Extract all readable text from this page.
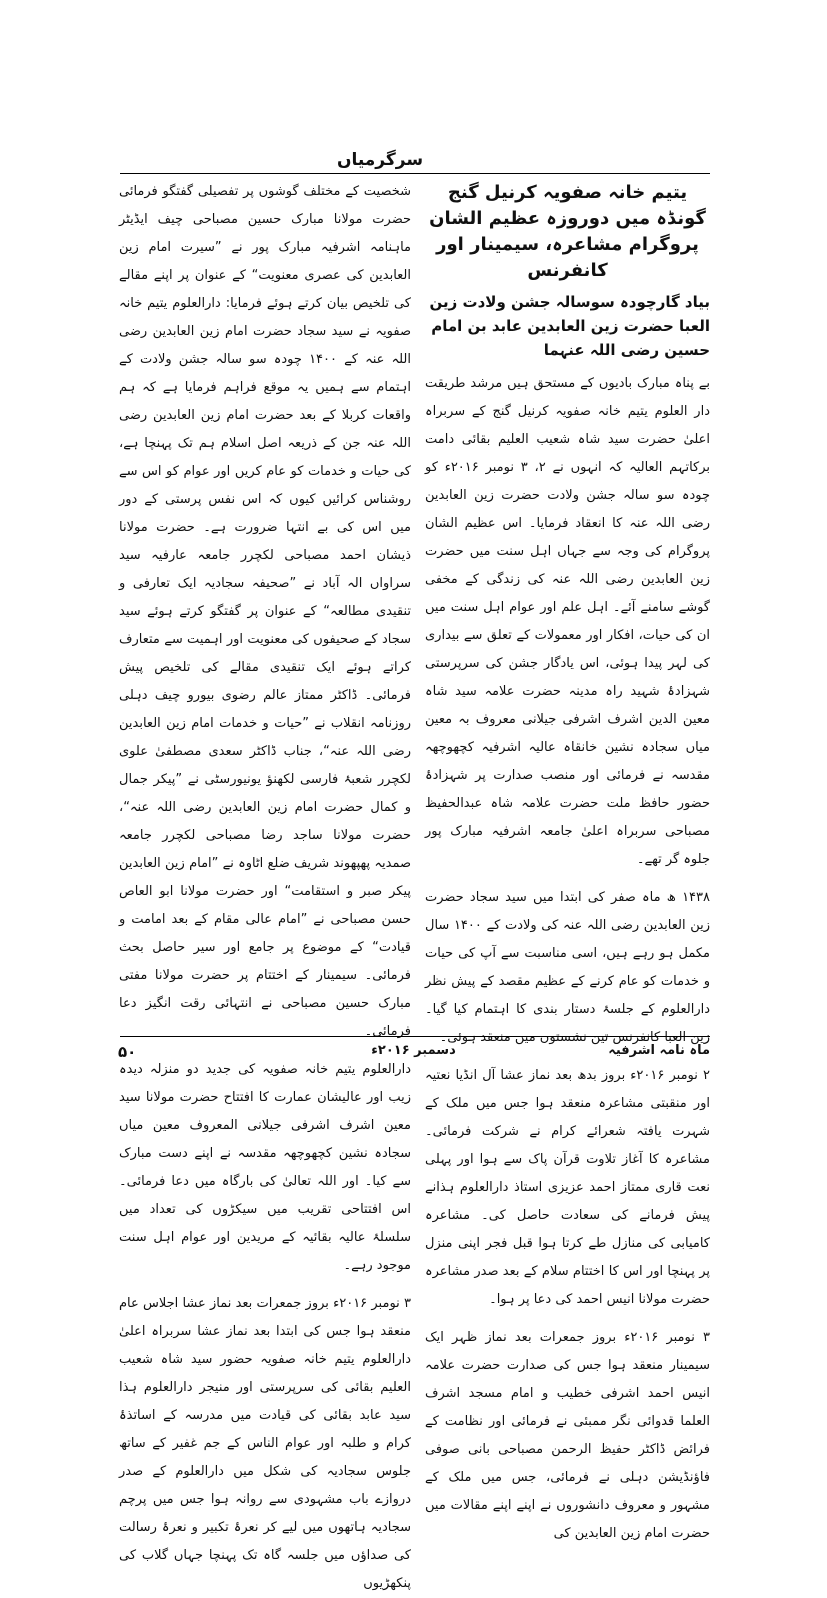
سرگرمیاں
یتیم خانہ صفویہ کرنیل گنج گونڈہ میں دوروزہ عظیم الشان پروگرام مشاعرہ، سیمینار اور کانفرنس
بیاد گارچودہ سوسالہ جشن ولادت زین العبا حضرت زین العابدین عابد بن امام حسین رضی اللہ عنہما

بے پناہ مبارک بادیوں کے مستحق ہیں مرشد طریقت دار العلوم یتیم خانہ صفویہ کرنیل گنج کے سربراہ اعلیٰ حضرت سید شاہ شعیب العلیم بقائی دامت برکاتہم العالیہ کہ انہوں نے ۲، ۳ نومبر ۲۰۱۶ء کو چودہ سو سالہ جشن ولادت حضرت زین العابدین رضی اللہ عنہ کا انعقاد فرمایا۔ اس عظیم الشان پروگرام کی وجہ سے جہاں اہل سنت میں حضرت زین العابدین رضی اللہ عنہ کی زندگی کے مخفی گوشے سامنے آئے۔ اہل علم اور عوام اہل سنت میں ان کی حیات، افکار اور معمولات کے تعلق سے بیداری کی لہر پیدا ہوئی، اس یادگار جشن کی سرپرستی شہزادۂ شہید راہ مدینہ حضرت علامہ سید شاہ معین الدین اشرف اشرفی جیلانی معروف بہ معین میاں سجادہ نشین خانقاہ عالیہ اشرفیہ کچھوچھہ مقدسہ نے فرمائی اور منصب صدارت پر شہزادۂ حضور حافظ ملت حضرت علامہ شاہ عبدالحفیظ مصباحی سربراہ اعلیٰ جامعہ اشرفیہ مبارک پور جلوہ گر تھے۔

۱۴۳۸ ھ ماہ صفر کی ابتدا میں سید سجاد حضرت زین العابدین رضی اللہ عنہ کی ولادت کے ۱۴۰۰ سال مکمل ہو رہے ہیں، اسی مناسبت سے آپ کی حیات و خدمات کو عام کرنے کے عظیم مقصد کے پیش نظر دارالعلوم کے جلسۂ دستار بندی کا اہتمام کیا گیا۔ زین العبا کانفرنس تین نشستوں میں منعقد ہوئی۔

۲ نومبر ۲۰۱۶ء بروز بدھ بعد نماز عشا آل انڈیا نعتیہ اور منقبتی مشاعرہ منعقد ہوا جس میں ملک کے شہرت یافتہ شعرائے کرام نے شرکت فرمائی۔ مشاعرہ کا آغاز تلاوت قرآن پاک سے ہوا اور پہلی نعت قاری ممتاز احمد عزیزی استاذ دارالعلوم ہذانے پیش فرمانے کی سعادت حاصل کی۔ مشاعرہ کامیابی کی منازل طے کرتا ہوا قبل فجر اپنی منزل پر پہنچا اور اس کا اختتام سلام کے بعد صدر مشاعرہ حضرت مولانا انیس احمد کی دعا پر ہوا۔

۳ نومبر ۲۰۱۶ء بروز جمعرات بعد نماز ظہر ایک سیمینار منعقد ہوا جس کی صدارت حضرت علامہ انیس احمد اشرفی خطیب و امام مسجد اشرف العلما قدوائی نگر ممبئی نے فرمائی اور نظامت کے فرائض ڈاکٹر حفیظ الرحمن مصباحی بانی صوفی فاؤنڈیشن دہلی نے فرمائی، جس میں ملک کے مشہور و معروف دانشوروں نے اپنے اپنے مقالات میں حضرت امام زین العابدین کی

شخصیت کے مختلف گوشوں پر تفصیلی گفتگو فرمائی حضرت مولانا مبارک حسین مصباحی چیف ایڈیٹر ماہنامہ اشرفیہ مبارک پور نے ”سیرت امام زین العابدین کی عصری معنویت“ کے عنوان پر اپنے مقالے کی تلخیص بیان کرتے ہوئے فرمایا: دارالعلوم یتیم خانہ صفویہ نے سید سجاد حضرت امام زین العابدین رضی اللہ عنہ کے ۱۴۰۰ چودہ سو سالہ جشن ولادت کے اہتمام سے ہمیں یہ موقع فراہم فرمایا ہے کہ ہم واقعات کربلا کے بعد حضرت امام زین العابدین رضی اللہ عنہ جن کے ذریعہ اصل اسلام ہم تک پہنچا ہے، کی حیات و خدمات کو عام کریں اور عوام کو اس سے روشناس کرائیں کیوں کہ اس نفس پرستی کے دور میں اس کی بے انتہا ضرورت ہے۔ حضرت مولانا ذیشان احمد مصباحی لکچرر جامعہ عارفیہ سید سراواں الہ آباد نے ”صحیفہ سجادیہ ایک تعارفی و تنقیدی مطالعہ“ کے عنوان پر گفتگو کرتے ہوئے سید سجاد کے صحیفوں کی معنویت اور اہمیت سے متعارف کراتے ہوئے ایک تنقیدی مقالے کی تلخیص پیش فرمائی۔ ڈاکٹر ممتاز عالم رضوی بیورو چیف دہلی روزنامہ انقلاب نے ”حیات و خدمات امام زین العابدین رضی اللہ عنہ“، جناب ڈاکٹر سعدی مصطفیٰ علوی لکچرر شعبۂ فارسی لکھنؤ یونیورسٹی نے ”پیکر جمال و کمال حضرت امام زین العابدین رضی اللہ عنہ“، حضرت مولانا ساجد رضا مصباحی لکچرر جامعہ صمدیہ پھپھوند شریف ضلع اٹاوہ نے ”امام زین العابدین پیکر صبر و استقامت“ اور حضرت مولانا ابو العاص حسن مصباحی نے ”امام عالی مقام کے بعد امامت و قیادت“ کے موضوع پر جامع اور سیر حاصل بحث فرمائی۔ سیمینار کے اختتام پر حضرت مولانا مفتی مبارک حسین مصباحی نے انتہائی رقت انگیز دعا فرمائی۔

دارالعلوم یتیم خانہ صفویہ کی جدید دو منزلہ دیدہ زیب اور عالیشان عمارت کا افتتاح حضرت مولانا سید معین اشرف اشرفی جیلانی المعروف معین میاں سجادہ نشین کچھوچھہ مقدسہ نے اپنے دست مبارک سے کیا۔ اور اللہ تعالیٰ کی بارگاہ میں دعا فرمائی۔ اس افتتاحی تقریب میں سیکڑوں کی تعداد میں سلسلۂ عالیہ بقائیہ کے مریدین اور عوام اہل سنت موجود رہے۔

۳ نومبر ۲۰۱۶ء بروز جمعرات بعد نماز عشا اجلاس عام منعقد ہوا جس کی ابتدا بعد نماز عشا سربراہ اعلیٰ دارالعلوم یتیم خانہ صفویہ حضور سید شاہ شعیب العلیم بقائی کی سرپرستی اور منیجر دارالعلوم ہذا سید عابد بقائی کی قیادت میں مدرسہ کے اساتذۂ کرام و طلبہ اور عوام الناس کے جم غفیر کے ساتھ جلوس سجادیہ کی شکل میں دارالعلوم کے صدر دروازے باب مشہودی سے روانہ ہوا جس میں پرچم سجادیہ ہاتھوں میں لیے کر نعرۂ تکبیر و نعرۂ رسالت کی صداؤں میں جلسہ گاہ تک پہنچا جہاں گلاب کی پنکھڑیوں

ماہ نامہ اشرفیہ
دسمبر ۲۰۱۶ء
۵۰
